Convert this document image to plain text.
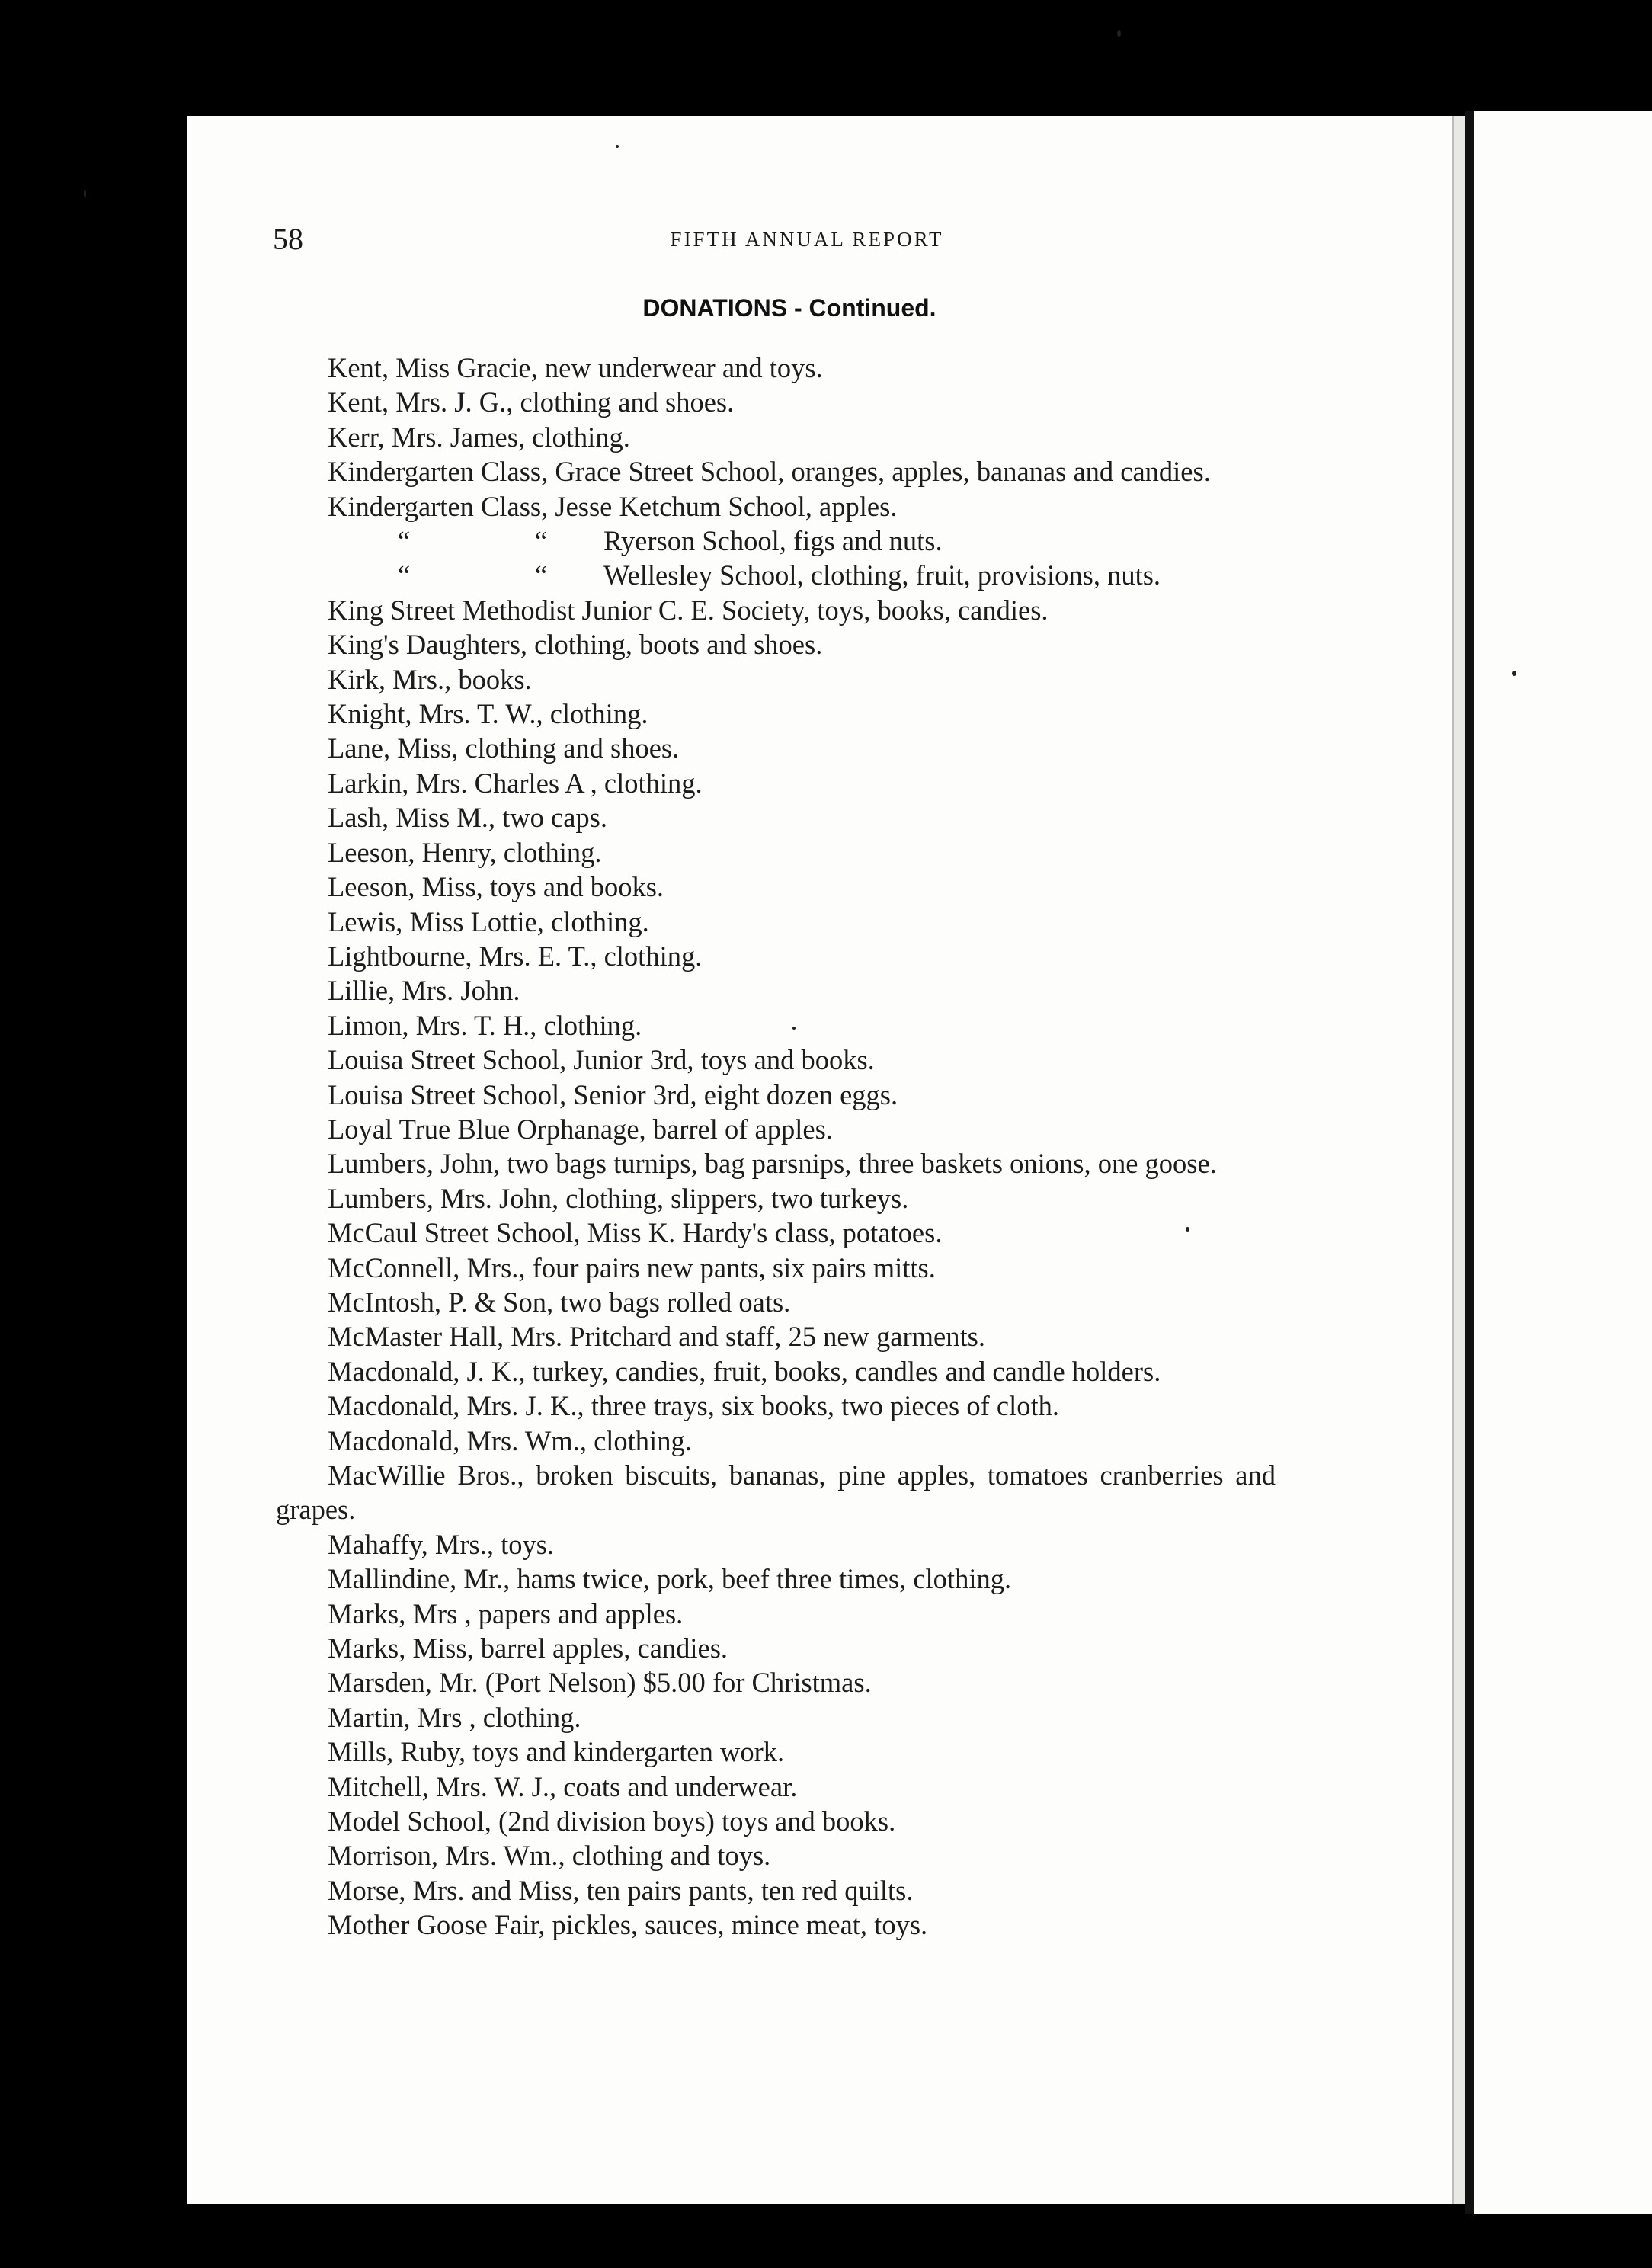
58	FIFTH ANNUAL REPORT
DONATIONS - Continued.

Kent, Miss Gracie, new underwear and toys.

Kent, Mrs. J. G., clothing and shoes.

Kerr, Mrs. James, clothing.

Kindergarten Class, Grace Street School, oranges, apples, bananas and candies.

Kindergarten Class, Jesse Ketchum School, apples.

“	“ Ryerson School, figs and nuts.

“	“ Wellesley School, clothing, fruit, provisions, nuts.

King Street Methodist Junior C. E. Society, toys, books, candies.

King's Daughters, clothing, boots and shoes.

Kirk, Mrs., books.

Knight, Mrs. T. W., clothing.

Lane, Miss, clothing and shoes.

Larkin, Mrs. Charles A , clothing.

Lash, Miss M., two caps.

Leeson, Henry, clothing.

Leeson, Miss, toys and books.

Lewis, Miss Lottie, clothing.

Lightbourne, Mrs. E. T., clothing.

Lillie, Mrs. John.

Limon, Mrs. T. H., clothing.

Louisa Street School, Junior 3rd, toys and books.

Louisa Street School, Senior 3rd, eight dozen eggs.

Loyal True Blue Orphanage, barrel of apples.

Lumbers, John, two bags turnips, bag parsnips, three baskets onions, one goose.

Lumbers, Mrs. John, clothing, slippers, two turkeys.

McCaul Street School, Miss K. Hardy's class, potatoes.

McConnell, Mrs., four pairs new pants, six pairs mitts.

McIntosh, P. & Son, two bags rolled oats.

McMaster Hall, Mrs. Pritchard and staff, 25 new garments.

Macdonald, J. K., turkey, candies, fruit, books, candles and candle holders.

Macdonald, Mrs. J. K., three trays, six books, two pieces of cloth.

Macdonald, Mrs. Wm., clothing.

MacWillie Bros., broken biscuits, bananas, pine apples, tomatoes cranberries and grapes.

Mahaffy, Mrs., toys.

Mallindine, Mr., hams twice, pork, beef three times, clothing.

Marks, Mrs , papers and apples.

Marks, Miss, barrel apples, candies.

Marsden, Mr. (Port Nelson) $5.00 for Christmas.

Martin, Mrs , clothing.

Mills, Ruby, toys and kindergarten work.

Mitchell, Mrs. W. J., coats and underwear.

Model School, (2nd division boys) toys and books.

Morrison, Mrs. Wm., clothing and toys.

Morse, Mrs. and Miss, ten pairs pants, ten red quilts.

Mother Goose Fair, pickles, sauces, mince meat, toys.
